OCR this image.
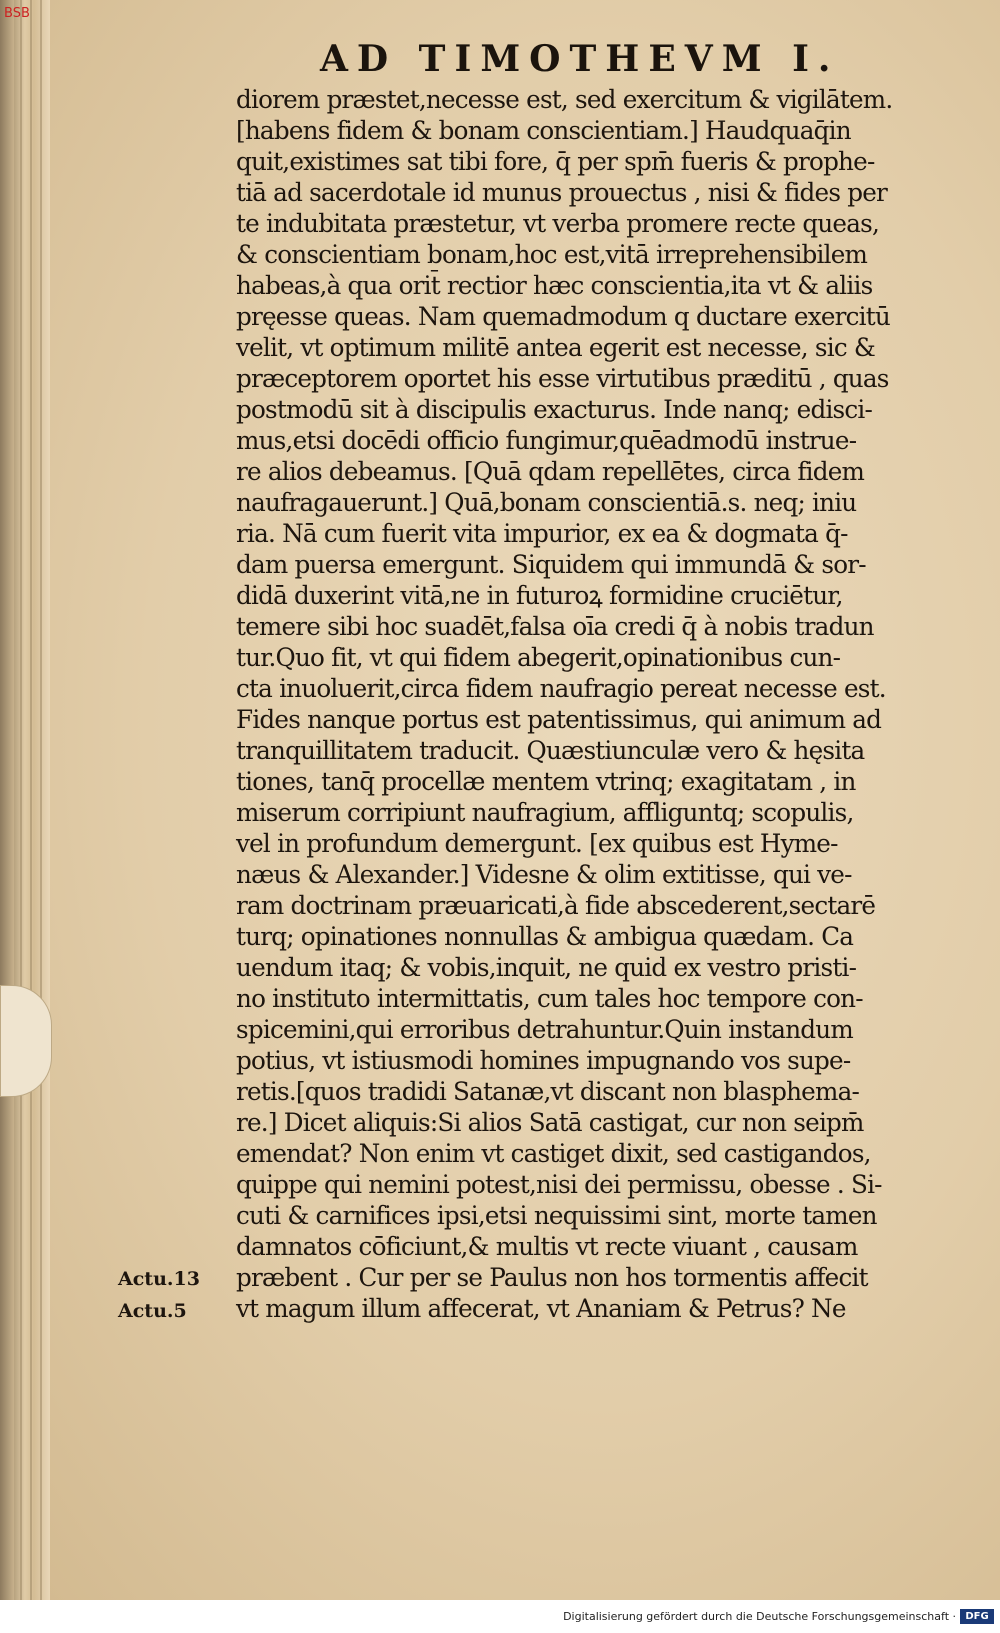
BSB
AD TIMOTHEVM I.
diorem præstet,necesse est, sed exercitum & vigilātem.
[habens fidem & bonam conscientiam.] Haudquaq̄in
quit,existimes sat tibi fore, q̄ per spm̄ fueris & prophe-
tiā ad sacerdotale id munus prouectus , nisi & fides per
te indubitata præstetur, vt verba promere recte queas,
& conscientiam bonam,hoc est,vitā irreprehensibilem
habeas,à qua orit̄ rectior hæc conscientia,ita vt & aliis
pręesse queas. Nam quemadmodum q ductare exercitū
velit, vt optimum militē antea egerit est necesse, sic &
præceptorem oportet his esse virtutibus præditū , quas
postmodū sit à discipulis exacturus. Inde nanq; edisci-
mus,etsi docēdi officio fungimur,quēadmodū instrue-
re alios debeamus. [Quā qdam repellētes, circa fidem
naufragauerunt.] Quā,bonam conscientiā.s. neq; iniu
ria. Nā cum fuerit vita impurior, ex ea & dogmata q̄-
dam puersa emergunt. Siquidem qui immundā & sor-
didā duxerint vitā,ne in futuroꝝ formidine cruciētur,
temere sibi hoc suadēt,falsa oīa credi q̄ à nobis tradun
tur.Quo fit, vt qui fidem abegerit,opinationibus cun-
cta inuoluerit,circa fidem naufragio pereat necesse est.
Fides nanque portus est patentissimus, qui animum ad
tranquillitatem traducit. Quæstiunculæ vero & hęsita
tiones, tanq̄ procellæ mentem vtrinq; exagitatam , in
miserum corripiunt naufragium, affliguntq; scopulis,
vel in profundum demergunt. [ex quibus est Hyme-
næus & Alexander.] Videsne & olim extitisse, qui ve-
ram doctrinam præuaricati,à fide abscederent,sectarē
turq; opinationes nonnullas & ambigua quædam. Ca
uendum itaq; & vobis,inquit, ne quid ex vestro pristi-
no instituto intermittatis, cum tales hoc tempore con-
spicemini,qui erroribus detrahuntur.Quin instandum
potius, vt istiusmodi homines impugnando vos supe-
retis.[quos tradidi Satanæ,vt discant non blasphema-
re.] Dicet aliquis:Si alios Satā castigat, cur non seipm̄
emendat? Non enim vt castiget dixit, sed castigandos,
quippe qui nemini potest,nisi dei permissu, obesse . Si-
cuti & carnifices ipsi,etsi nequissimi sint, morte tamen
damnatos cōficiunt,& multis vt recte viuant , causam
præbent . Cur per se Paulus non hos tormentis affecit
vt magum illum affecerat, vt Ananiam & Petrus? Ne
Actu.13
Actu.5
Digitalisierung gefördert durch die Deutsche Forschungsgemeinschaft · DFG
